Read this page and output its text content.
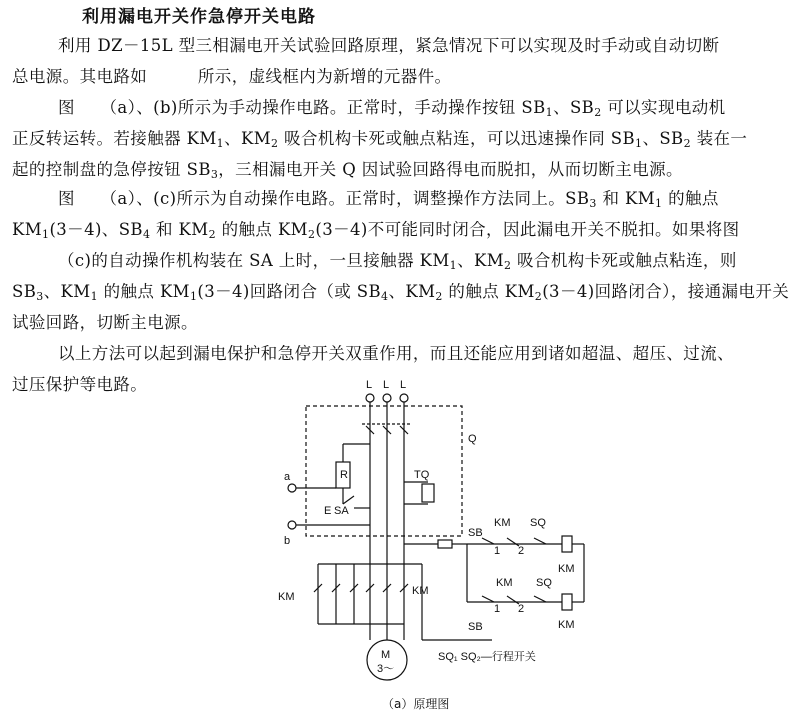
利用漏电开关作急停开关电路
利用 DZ－15L 型三相漏电开关试验回路原理，紧急情况下可以实现及时手动或自动切断
总电源。其电路如　　　所示，虚线框内为新增的元器件。
图　　（a）、(b)所示为手动操作电路。正常时，手动操作按钮 $SB_1$、$SB_2$ 可以实现电动机
正反转运转。若接触器 $KM_1$、$KM_2$ 吸合机构卡死或触点粘连，可以迅速操作同 $SB_1$、$SB_2$ 装在一
起的控制盘的急停按钮 $SB_3$，三相漏电开关 Q 因试验回路得电而脱扣，从而切断主电源。
图　　（a）、(c)所示为自动操作电路。正常时，调整操作方法同上。$SB_3$ 和 $KM_1$ 的触点
$KM_1(3-4)$、$SB_4$ 和 $KM_2$ 的触点 $KM_2(3-4)$不可能同时闭合，因此漏电开关不脱扣。如果将图
（c)的自动操作机构装在 SA 上时，一旦接触器 $KM_1$、$KM_2$ 吸合机构卡死或触点粘连，则
$SB_3$、$KM_1$ 的触点 $KM_1(3-4)$回路闭合（或 $SB_4$、$KM_2$ 的触点 $KM_2(3-4)$回路闭合），接通漏电开关
试验回路，切断主电源。
以上方法可以起到漏电保护和急停开关双重作用，而且还能应用到诸如超温、超压、过流、
过压保护等电路。	L L L
Q
R	TQ
E SA
a
b
KM SQ
SB
KM
KM SQ
SB	KM
KM	KM
1 2
1 2
M
3～
SQ₁ SQ₂—行程开关
（a）原理图
